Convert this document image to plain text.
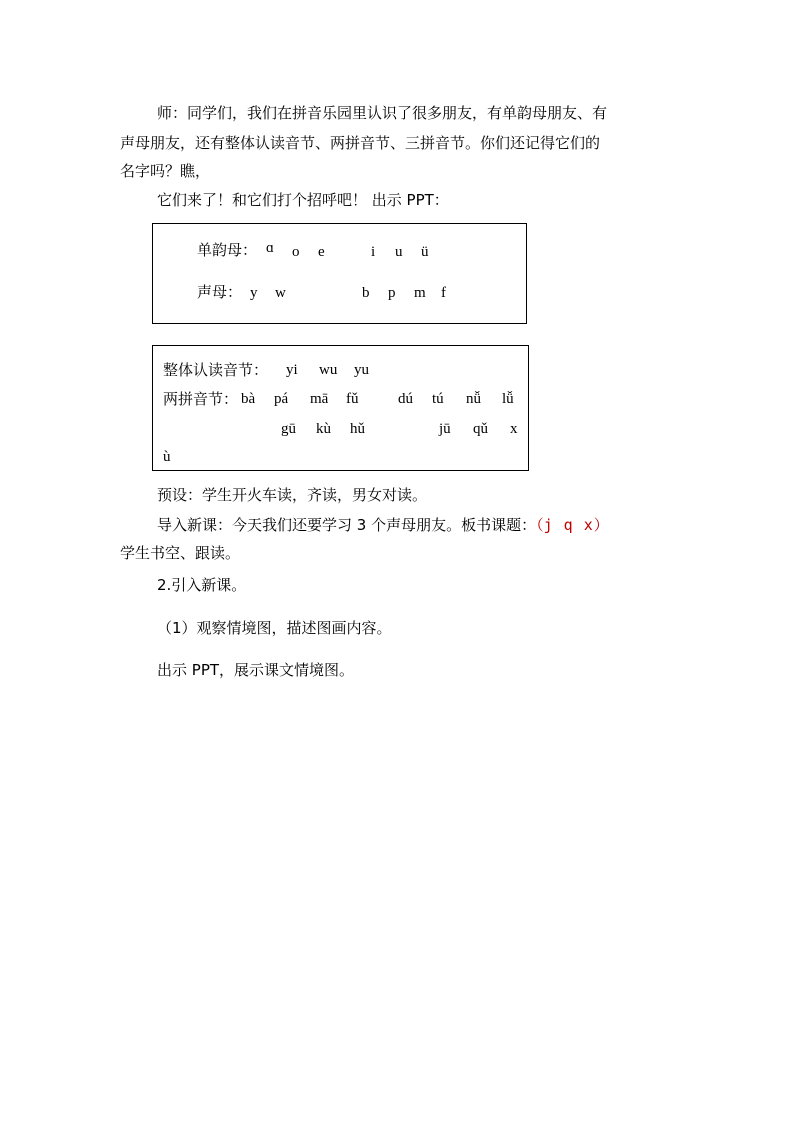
师：同学们，我们在拼音乐园里认识了很多朋友，有单韵母朋友、有
声母朋友，还有整体认读音节、两拼音节、三拼音节。你们还记得它们的
名字吗？瞧，
它们来了！和它们打个招呼吧！ 出示 PPT：
单韵母： ɑ o e	i u ü
声母： y w	b p m f
整体认读音节： yi wu yu
两拼音节： bà pá mā fǔ	dú tú nǚ lǚ
gū kù hǔ	jū qǔ x
ù
预设：学生开火车读，齐读，男女对读。
导入新课：今天我们还要学习 3 个声母朋友。板书课题：（j q x）
学生书空、跟读。
2.引入新课。
（1）观察情境图，描述图画内容。
出示 PPT，展示课文情境图。
